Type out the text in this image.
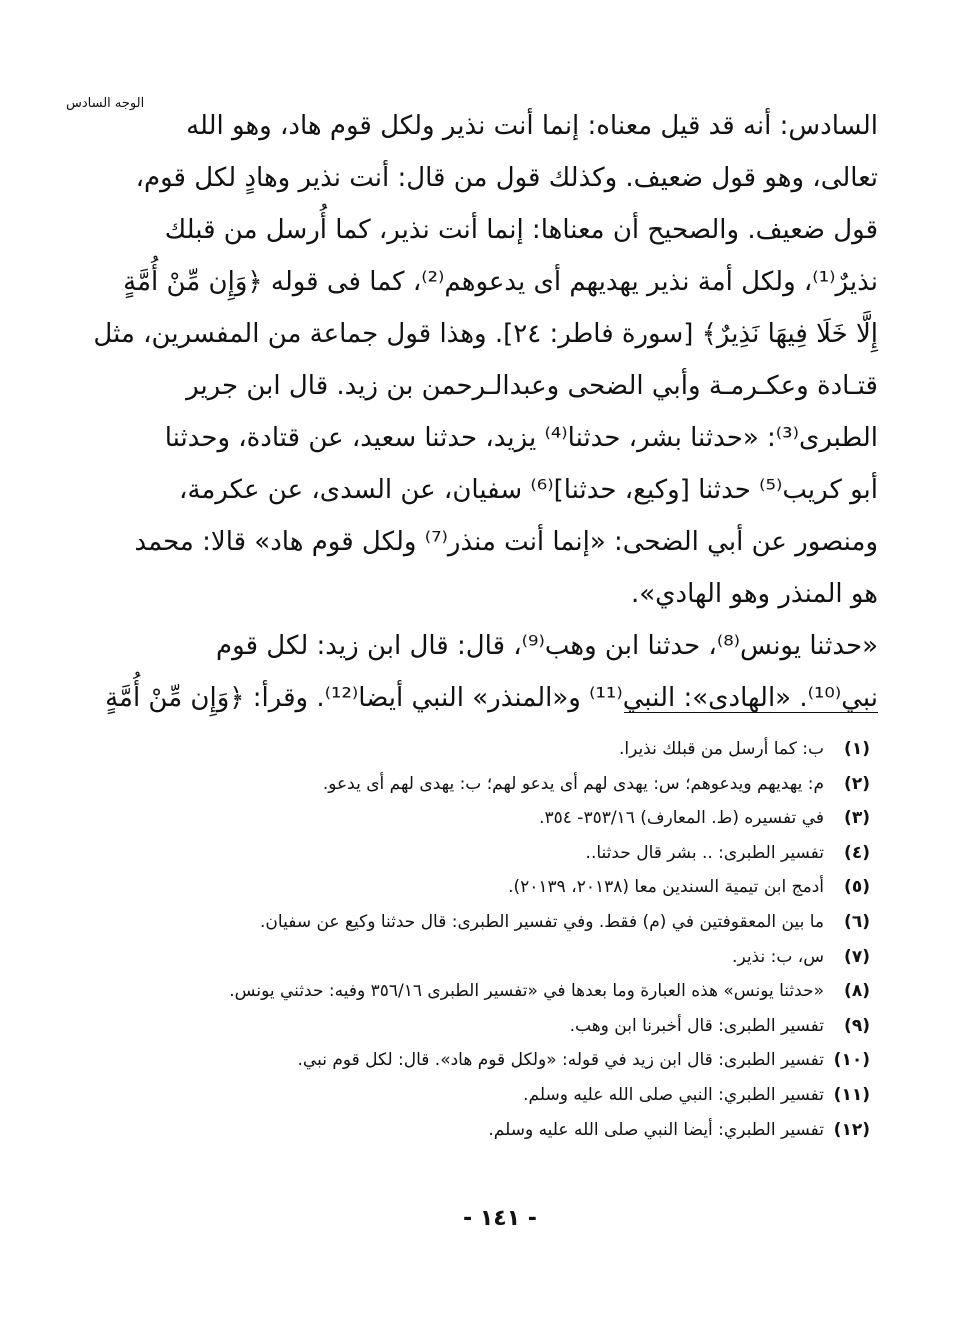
الوجه السادس
السادس: أنه قد قيل معناه: إنما أنت نذير ولكل قوم هاد، وهو الله
تعالى، وهو قول ضعيف. وكذلك قول من قال: أنت نذير وهادٍ لكل قوم،
قول ضعيف. والصحيح أن معناها: إنما أنت نذير، كما أُرسل من قبلك
نذيرٌ⁽¹⁾، ولكل أمة نذير يهديهم أى يدعوهم⁽²⁾، كما فى قوله ﴿وَإِن مِّنْ أُمَّةٍ
إِلَّا خَلَا فِيهَا نَذِيرٌ﴾ [سورة فاطر: ٢٤]. وهذا قول جماعة من المفسرين، مثل
قتـادة وعكـرمـة وأبي الضحى وعبدالـرحمن بن زيد. قال ابن جرير
الطبرى⁽³⁾: «حدثنا بشر، حدثنا⁽⁴⁾ يزيد، حدثنا سعيد، عن قتادة، وحدثنا
أبو كريب⁽⁵⁾ حدثنا [وكيع، حدثنا]⁽⁶⁾ سفيان، عن السدى، عن عكرمة،
ومنصور عن أبي الضحى: «إنما أنت منذر⁽⁷⁾ ولكل قوم هاد» قالا: محمد
هو المنذر وهو الهادي».
«حدثنا يونس⁽⁸⁾، حدثنا ابن وهب⁽⁹⁾، قال: قال ابن زيد: لكل قوم
نبي⁽¹⁰⁾. «الهادى»: النبي⁽¹¹⁾ و«المنذر» النبي أيضا⁽¹²⁾. وقرأ: ﴿وَإِن مِّنْ أُمَّةٍ
(١)
ب: كما أرسل من قبلك نذيرا.
(٢)
م: يهديهم ويدعوهم؛ س: يهدى لهم أى يدعو لهم؛ ب: يهدى لهم أى يدعو.
(٣)
في تفسيره (ط. المعارف) ٣٥٣/١٦- ٣٥٤.
(٤)
تفسير الطبرى: .. بشر قال حدثنا..
(٥)
أدمج ابن تيمية السندين معا (٢٠١٣٨، ٢٠١٣٩).
(٦)
ما بين المعقوفتين في (م) فقط. وفي تفسير الطبرى: قال حدثنا وكيع عن سفيان.
(٧)
س، ب: نذير.
(٨)
«حدثنا يونس» هذه العبارة وما بعدها في «تفسير الطبرى ٣٥٦/١٦ وفيه: حدثني يونس.
(٩)
تفسير الطبرى: قال أخبرنا ابن وهب.
(١٠)
تفسير الطبرى: قال ابن زيد في قوله: «ولكل قوم هاد». قال: لكل قوم نبي.
(١١)
تفسير الطبري: النبي صلى الله عليه وسلم.
(١٢)
تفسير الطبري: أيضا النبي صلى الله عليه وسلم.
- ١٤١ -
